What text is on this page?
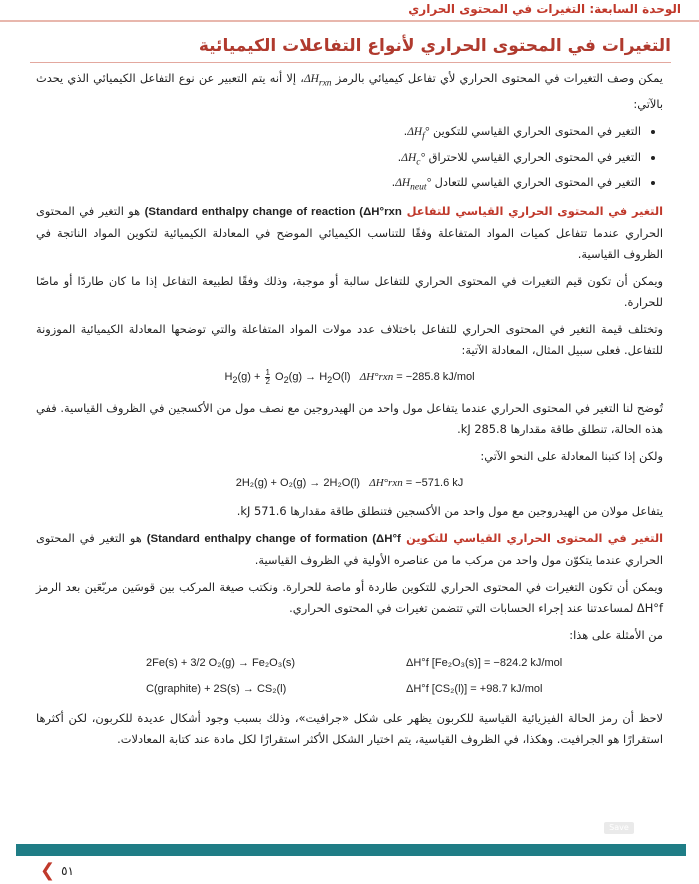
الوحدة السابعة: التغيرات في المحتوى الحراري
التغيرات في المحتوى الحراري لأنواع التفاعلات الكيميائية

يمكن وصف التغيرات في المحتوى الحراري لأي تفاعل كيميائي بالرمز $\Delta H_{rxn}،$ إلا أنه يتم التعبير عن نوع التفاعل الكيميائي الذي يحدث بالآتي:

• التغير في المحتوى الحراري القياسي للتكوين $\Delta H_f^\circ$.
• التغير في المحتوى الحراري القياسي للاحتراق $\Delta H_c^\circ$.
• التغير في المحتوى الحراري القياسي للتعادل $\Delta H_{neut}^\circ$.

التغير في المحتوى الحراري القياسي للتفاعل (Standard enthalpy change of reaction (ΔH°rxn هو التغير في المحتوى الحراري عندما تتفاعل كميات المواد المتفاعلة وفقًا للتناسب الكيميائي الموضح في المعادلة الكيميائية لتكوين المواد الناتجة في الظروف القياسية.

ويمكن أن تكون قيم التغيرات في المحتوى الحراري للتفاعل سالبة أو موجبة، وذلك وفقًا لطبيعة التفاعل إذا ما كان طاردًا أو ماصًا للحرارة.

وتختلف قيمة التغير في المحتوى الحراري للتفاعل باختلاف عدد مولات المواد المتفاعلة والتي توضحها المعادلة الكيميائية الموزونة للتفاعل. فعلى سبيل المثال، المعادلة الآتية:

$H_2(g) + \frac{1}{2} O_2(g) \to H_2O(l) \Delta H^\circ rxn = -285.8$ kJ/mol

تُوضح لنا التغير في المحتوى الحراري عندما يتفاعل مول واحد من الهيدروجين مع نصف مول من الأكسجين في الظروف القياسية. ففي هذه الحالة، تنطلق طاقة مقدارها 285.8 kJ.

ولكن إذا كتبنا المعادلة على النحو الآتي:

2H₂(g) + O₂(g) → 2H₂O(l) ΔH°rxn = −571.6 kJ

يتفاعل مولان من الهيدروجين مع مول واحد من الأكسجين فتنطلق طاقة مقدارها 571.6 kJ.

التغير في المحتوى الحراري القياسي للتكوين (Standard enthalpy change of formation (ΔH°f هو التغير في المحتوى الحراري عندما يتكوّن مول واحد من مركب ما من عناصره الأولية في الظروف القياسية.

ويمكن أن تكون التغيرات في المحتوى الحراري للتكوين طاردة أو ماصة للحرارة. ونكتب صيغة المركب بين قوسَين مربّعَين بعد الرمز ΔH°f لمساعدتنا عند إجراء الحسابات التي تتضمن تغيرات في المحتوى الحراري.

من الأمثلة على هذا:

2Fe(s) + 3/2 O₂(g) → Fe₂O₃(s)	ΔH°f [Fe₂O₃(s)] = −824.2 kJ/mol
C(graphite) + 2S(s) → CS₂(l)	ΔH°f [CS₂(l)] = +98.7 kJ/mol

لاحظ أن رمز الحالة الفيزيائية القياسية للكربون يظهر على شكل «جرافيت»، وذلك بسبب وجود أشكال عديدة للكربون، لكن أكثرها استقرارًا هو الجرافيت. وهكذا، في الظروف القياسية، يتم اختيار الشكل الأكثر استقرارًا لكل مادة عند كتابة المعادلات.

Save
❮ ٥١
